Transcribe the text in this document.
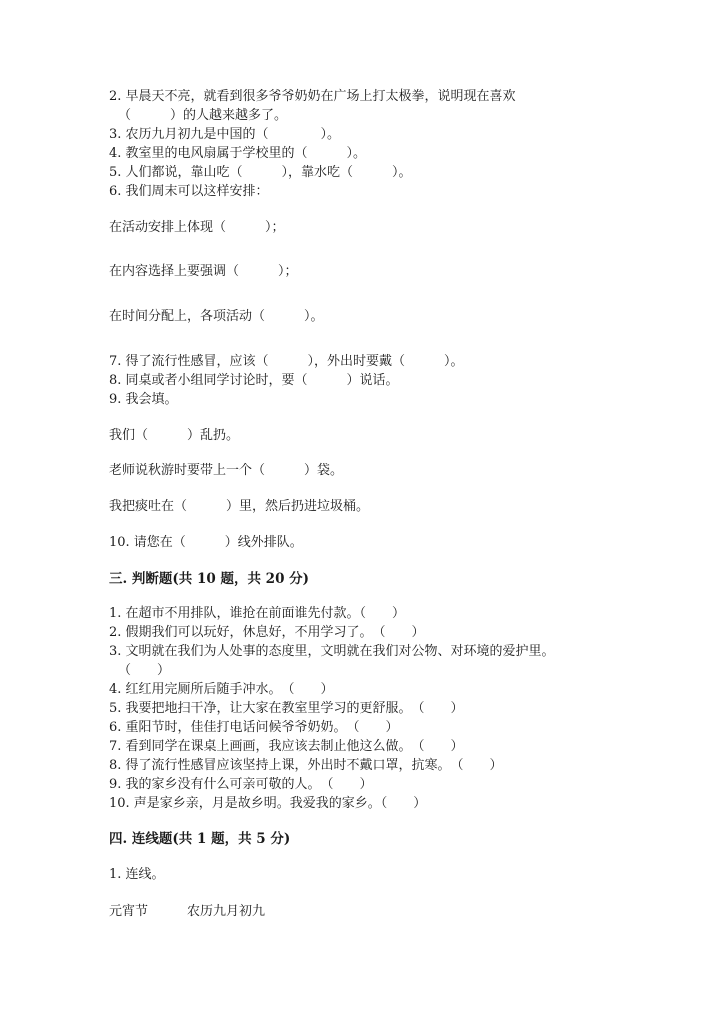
2. 早晨天不亮，就看到很多爷爷奶奶在广场上打太极拳，说明现在喜欢
（　　　）的人越来越多了。
3. 农历九月初九是中国的（　　　　）。
4. 教室里的电风扇属于学校里的（　　　）。
5. 人们都说，靠山吃（　　　），靠水吃（　　　）。
6. 我们周末可以这样安排：
在活动安排上体现（　　　）；
在内容选择上要强调（　　　）；
在时间分配上，各项活动（　　　）。
7. 得了流行性感冒，应该（　　　），外出时要戴（　　　）。
8. 同桌或者小组同学讨论时，要（　　　）说话。
9. 我会填。
我们（　　　）乱扔。
老师说秋游时要带上一个（　　　）袋。
我把痰吐在（　　　）里，然后扔进垃圾桶。
10. 请您在（　　　）线外排队。
三. 判断题(共 10 题，共 20 分)
1. 在超市不用排队，谁抢在前面谁先付款。（　　）
2. 假期我们可以玩好，休息好，不用学习了。　（　　）
3. 文明就在我们为人处事的态度里，文明就在我们对公物、对环境的爱护里。
（　　）
4. 红红用完厕所后随手冲水。　（　　）
5. 我要把地扫干净，让大家在教室里学习的更舒服。　（　　）
6. 重阳节时，佳佳打电话问候爷爷奶奶。　（　　）
7. 看到同学在课桌上画画，我应该去制止他这么做。　（　　）
8. 得了流行性感冒应该坚持上课，外出时不戴口罩，抗寒。　（　　）
9. 我的家乡没有什么可亲可敬的人。　（　　）
10. 声是家乡亲，月是故乡明。我爱我的家乡。（　　）
四. 连线题(共 1 题，共 5 分)
1. 连线。
元宵节	农历九月初九
